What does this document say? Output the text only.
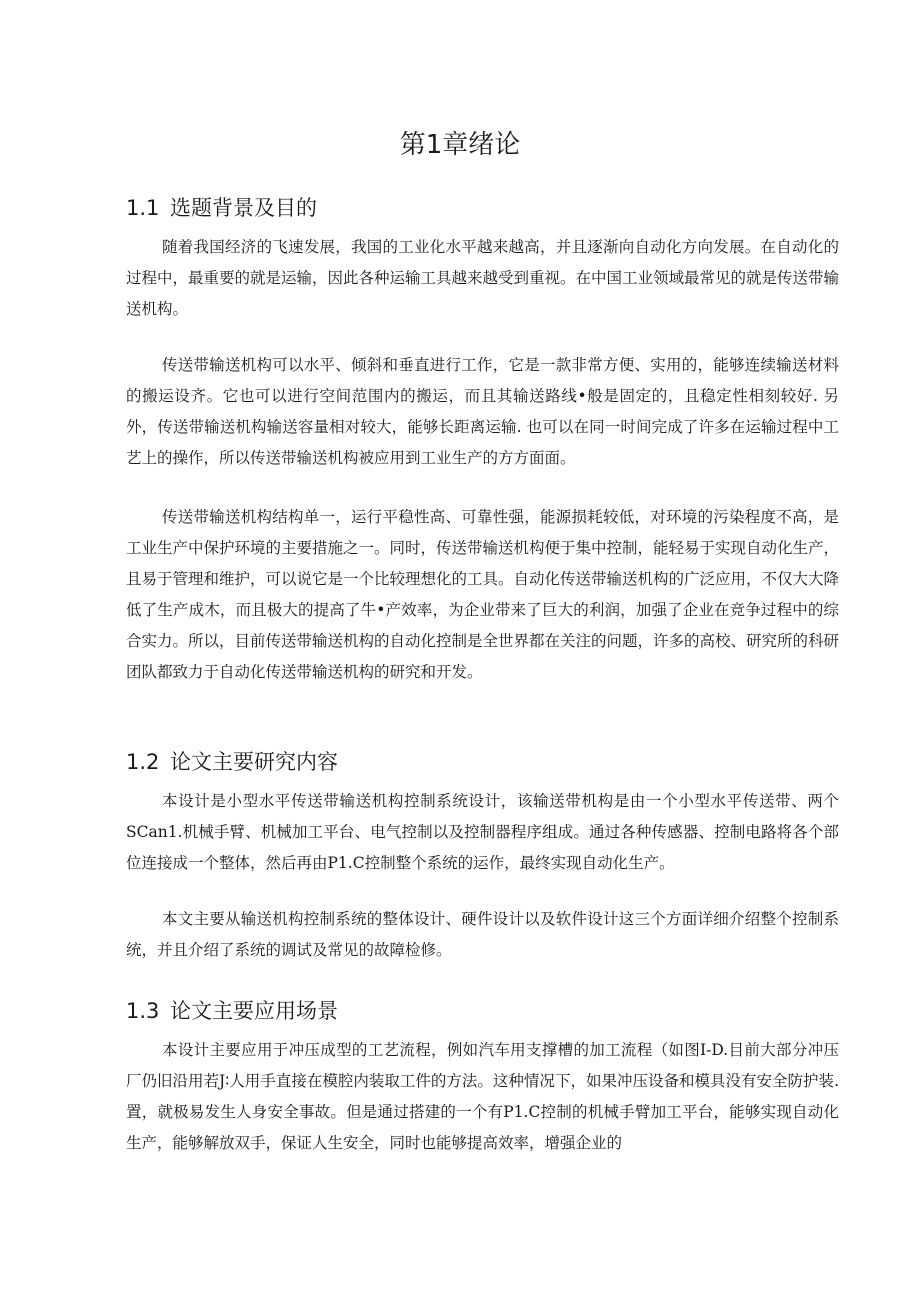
第1章绪论
1.1 选题背景及目的

随着我国经济的飞速发展，我国的工业化水平越来越高，并且逐渐向自动化方向发展。在自动化的过程中，最重要的就是运输，因此各种运输工具越来越受到重视。在中国工业领域最常见的就是传送带输送机构。

传送带输送机构可以水平、倾斜和垂直进行工作，它是一款非常方便、实用的，能够连续输送材料的搬运设齐。它也可以进行空间范围内的搬运，而且其输送路线•般是固定的，且稳定性相刻较好. 另外，传送带输送机构输送容量相对较大，能够长距离运输. 也可以在同一时间完成了许多在运输过程中工艺上的操作，所以传送带输送机构被应用到工业生产的方方面面。

传送带输送机构结构单一，运行平稳性高、可靠性强，能源损耗较低，对环境的污染程度不高，是工业生产中保护环境的主要措施之一。同时，传送带输送机构便于集中控制，能轻易于实现自动化生产，且易于管理和维护，可以说它是一个比较理想化的工具。自动化传送带输送机构的广泛应用，不仅大大降低了生产成木，而且极大的提高了牛•产效率，为企业带来了巨大的利润，加强了企业在竞争过程中的综合实力。所以，目前传送带输送机构的自动化控制是全世界都在关注的问题，许多的高校、研究所的科研团队都致力于自动化传送带输送机构的研究和开发。

1.2 论文主要研究内容

本设计是小型水平传送带输送机构控制系统设计，该输送带机构是由一个小型水平传送带、两个SCan1.机械手臂、机械加工平台、电气控制以及控制器程序组成。通过各种传感器、控制电路将各个部位连接成一个整体，然后再由P1.C控制整个系统的运作，最终实现自动化生产。

本文主要从输送机构控制系统的整体设计、硬件设计以及软件设计这三个方面详细介绍整个控制系统，并且介绍了系统的调试及常见的故障检修。

1.3 论文主要应用场景

本设计主要应用于冲压成型的工艺流程，例如汽车用支撑槽的加工流程（如图I-D.目前大部分冲压厂仍旧沿用若J∶人用手直接在模腔内装取工件的方法。这种情况下，如果冲压设备和模具没有安全防护装. 置，就极易发生人身安全事故。但是通过搭建的一个有P1.C控制的机械手臂加工平台，能够实现自动化生产，能够解放双手，保证人生安全，同时也能够提高效率，增强企业的
